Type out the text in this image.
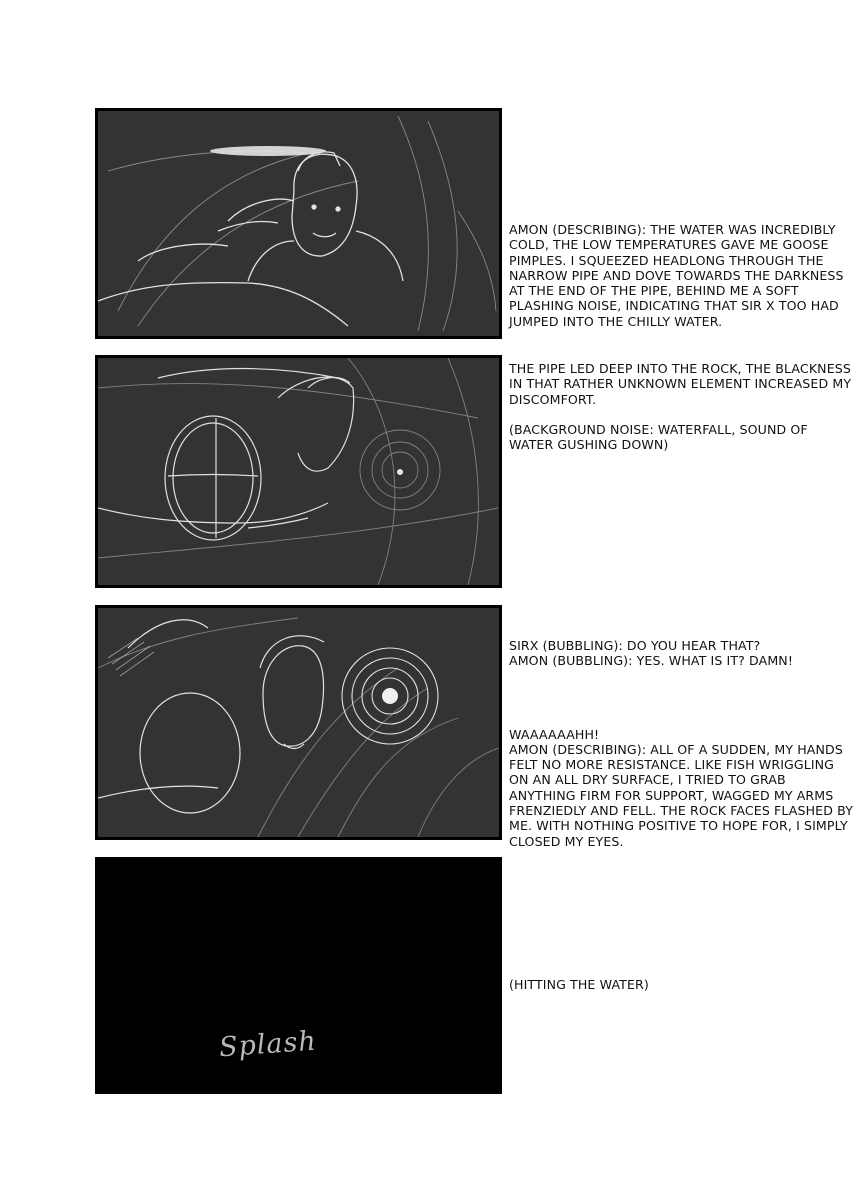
AMON (DESCRIBING): THE WATER WAS INCREDIBLY COLD, THE LOW TEMPERATURES GAVE ME GOOSE PIMPLES. I SQUEEZED HEADLONG THROUGH THE NARROW PIPE AND DOVE TOWARDS THE DARKNESS AT THE END OF THE PIPE, BEHIND ME A SOFT PLASHING NOISE, INDICATING THAT SIR X TOO HAD JUMPED INTO THE CHILLY WATER.

THE PIPE LED DEEP INTO THE ROCK, THE BLACKNESS IN THAT RATHER UNKNOWN ELEMENT INCREASED MY DISCOMFORT.

(BACKGROUND NOISE: WATERFALL, SOUND OF WATER GUSHING DOWN)

SIRX (BUBBLING): DO YOU HEAR THAT?
AMON (BUBBLING): YES. WHAT IS IT? DAMN!

WAAAAAAHH!
AMON (DESCRIBING): ALL OF A SUDDEN, MY HANDS FELT NO MORE RESISTANCE. LIKE FISH WRIGGLING ON AN ALL DRY SURFACE, I TRIED TO GRAB ANYTHING FIRM FOR SUPPORT, WAGGED MY ARMS FRENZIEDLY AND FELL. THE ROCK FACES FLASHED BY ME. WITH NOTHING POSITIVE TO HOPE FOR, I SIMPLY CLOSED MY EYES.

Splash

(HITTING THE WATER)
